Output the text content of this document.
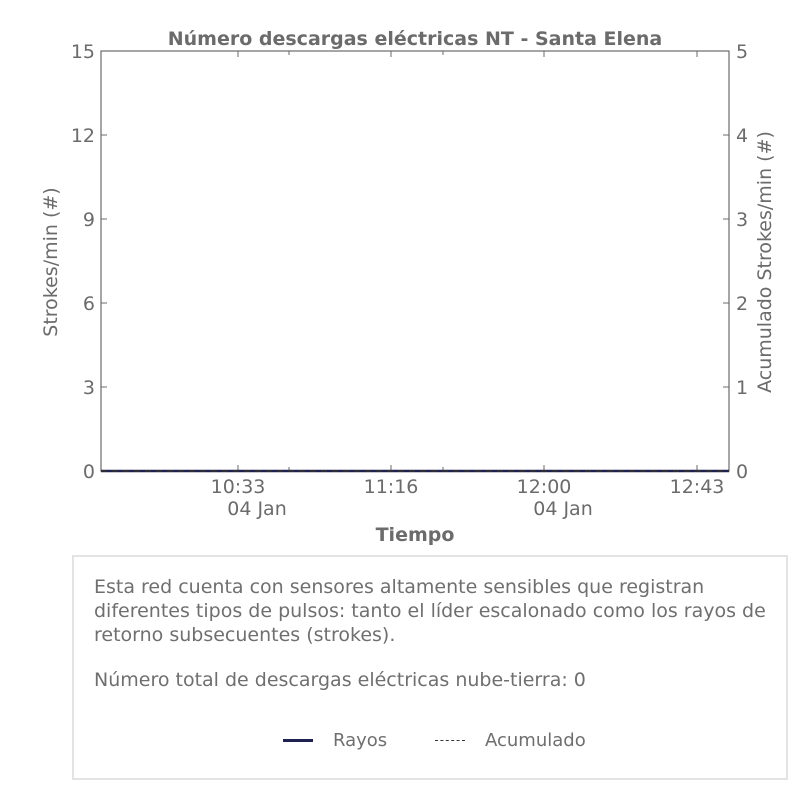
Número descargas eléctricas NT - Santa Elena
0
3
6
9
12
15
0
1
2
3
4
5
10:33
04 Jan
11:16	12:00
04 Jan
12:43
Strokes/min (#)	Acumulado Strokes/min (#)
Tiempo
Esta red cuenta con sensores altamente sensibles que registran diferentes tipos de pulsos: tanto el líder escalonado como los rayos de retorno subsecuentes (strokes).
Número total de descargas eléctricas nube-tierra: 0
Rayos	Acumulado
